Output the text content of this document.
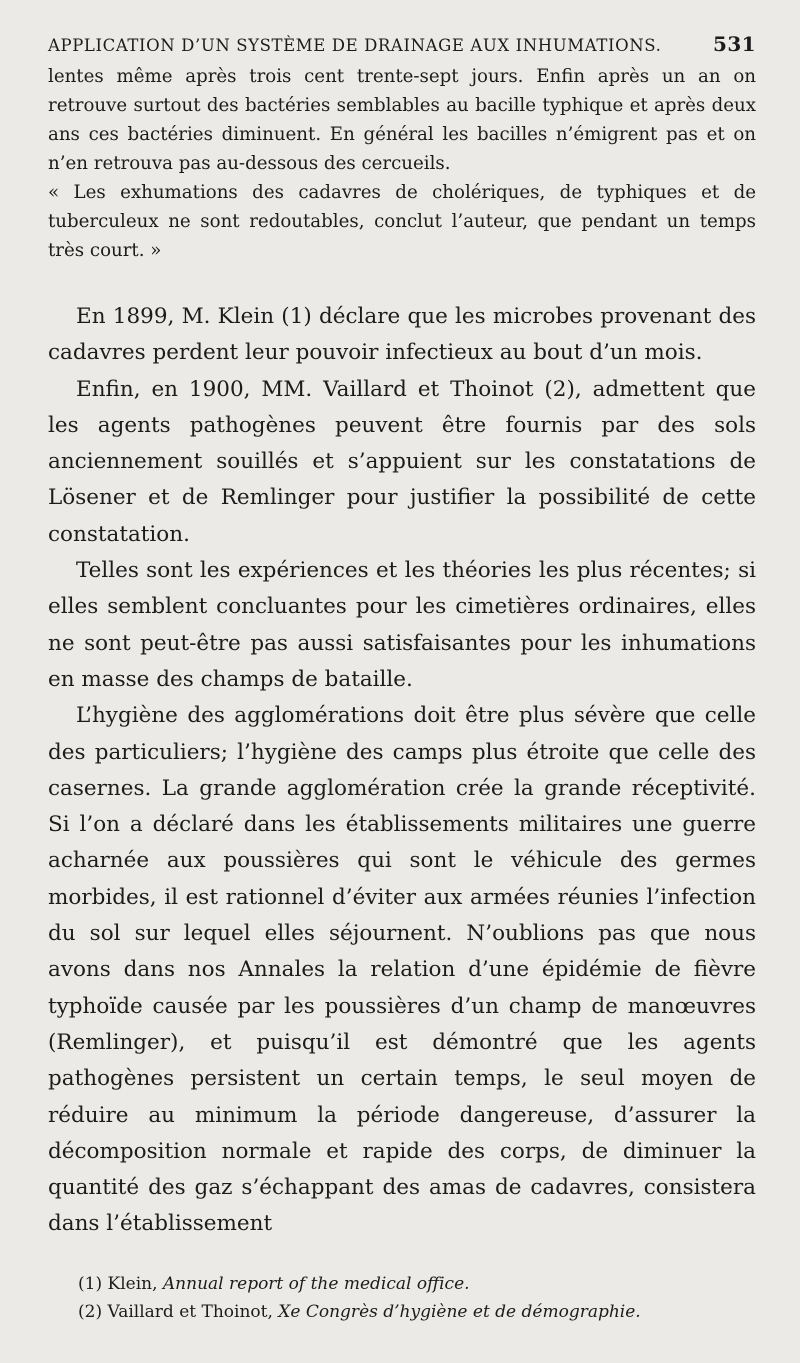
APPLICATION D’UN SYSTÈME DE DRAINAGE AUX INHUMATIONS.	531

lentes même après trois cent trente-sept jours. Enfin après un an on retrouve surtout des bactéries semblables au bacille typhique et après deux ans ces bactéries diminuent. En général les bacilles n’émigrent pas et on n’en retrouva pas au-dessous des cercueils.

« Les exhumations des cadavres de cholériques, de typhiques et de tuberculeux ne sont redoutables, conclut l’auteur, que pendant un temps très court. »

En 1899, M. Klein (1) déclare que les microbes provenant des cadavres perdent leur pouvoir infectieux au bout d’un mois.

Enfin, en 1900, MM. Vaillard et Thoinot (2), admettent que les agents pathogènes peuvent être fournis par des sols anciennement souillés et s’appuient sur les constatations de Lösener et de Remlinger pour justifier la possibilité de cette constatation.

Telles sont les expériences et les théories les plus récentes; si elles semblent concluantes pour les cimetières ordinaires, elles ne sont peut-être pas aussi satisfaisantes pour les inhumations en masse des champs de bataille.

L’hygiène des agglomérations doit être plus sévère que celle des particuliers; l’hygiène des camps plus étroite que celle des casernes. La grande agglomération crée la grande réceptivité. Si l’on a déclaré dans les établissements militaires une guerre acharnée aux poussières qui sont le véhicule des germes morbides, il est rationnel d’éviter aux armées réunies l’infection du sol sur lequel elles séjournent. N’oublions pas que nous avons dans nos Annales la relation d’une épidémie de fièvre typhoïde causée par les poussières d’un champ de manœuvres (Remlinger), et puisqu’il est démontré que les agents pathogènes persistent un certain temps, le seul moyen de réduire au minimum la période dangereuse, d’assurer la décomposition normale et rapide des corps, de diminuer la quantité des gaz s’échappant des amas de cadavres, consistera dans l’établissement

(1) Klein, Annual report of the medical office.
(2) Vaillard et Thoinot, Xe Congrès d’hygiène et de démographie.
